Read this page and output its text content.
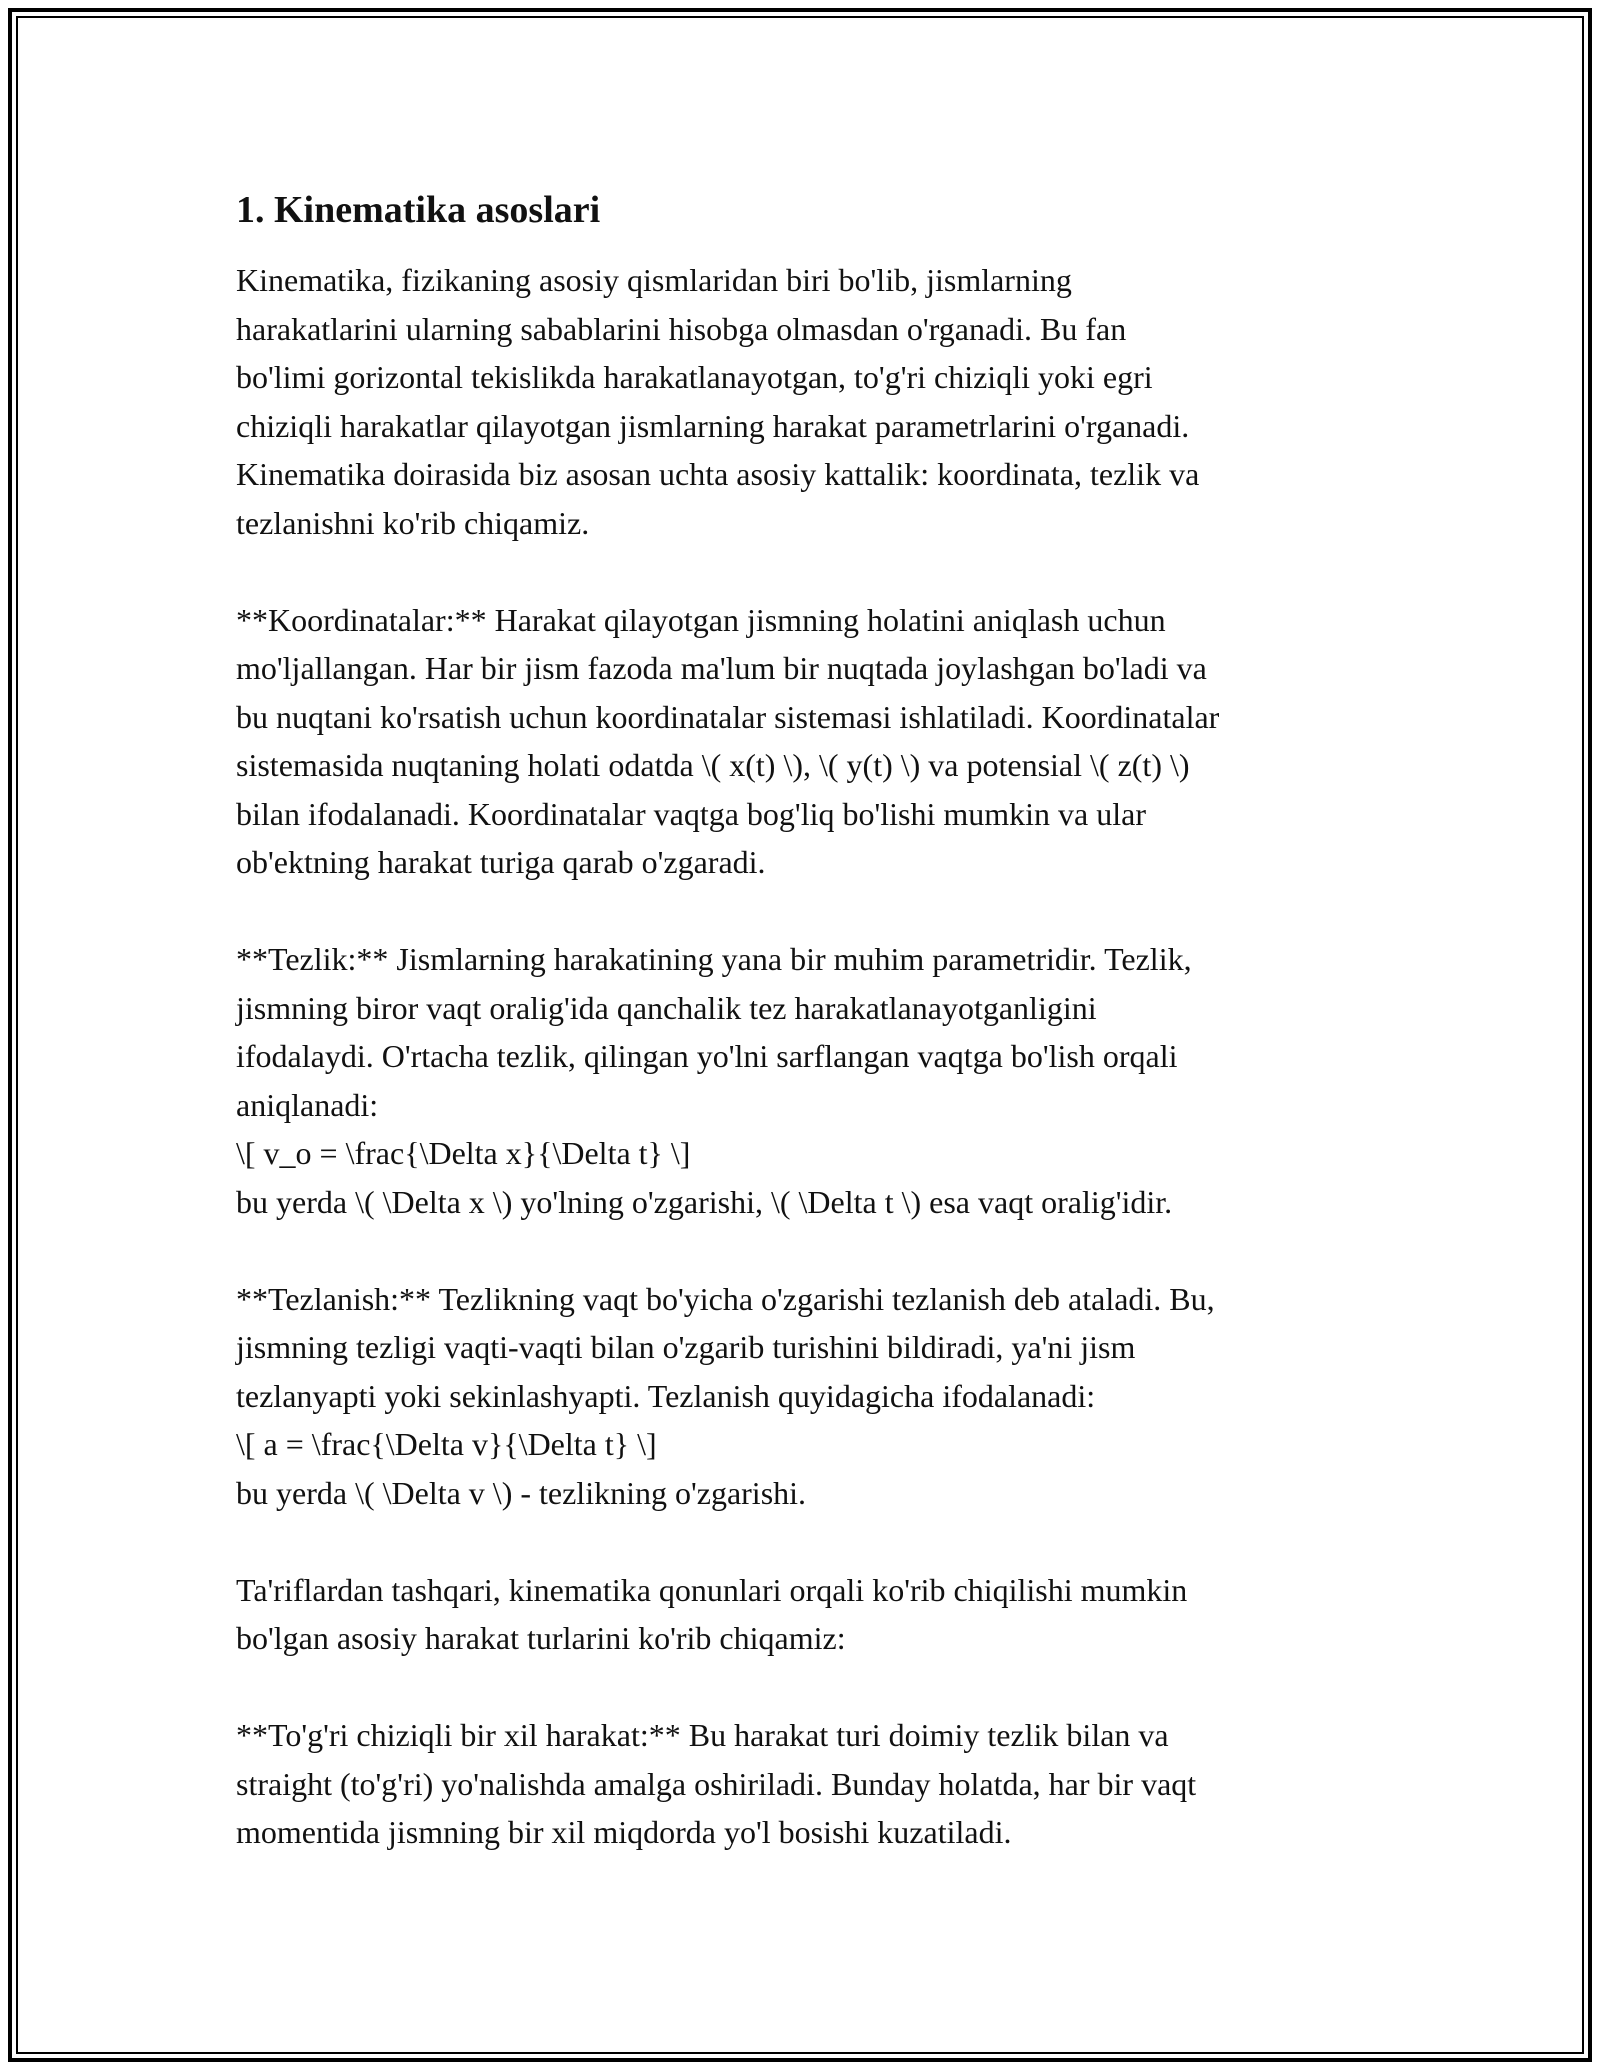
1. Kinematika asoslari

Kinematika, fizikaning asosiy qismlaridan biri bo'lib, jismlarning
harakatlarini ularning sabablarini hisobga olmasdan o'rganadi. Bu fan
bo'limi gorizontal tekislikda harakatlanayotgan, to'g'ri chiziqli yoki egri
chiziqli harakatlar qilayotgan jismlarning harakat parametrlarini o'rganadi.
Kinematika doirasida biz asosan uchta asosiy kattalik: koordinata, tezlik va
tezlanishni ko'rib chiqamiz.

**Koordinatalar:** Harakat qilayotgan jismning holatini aniqlash uchun
mo'ljallangan. Har bir jism fazoda ma'lum bir nuqtada joylashgan bo'ladi va
bu nuqtani ko'rsatish uchun koordinatalar sistemasi ishlatiladi. Koordinatalar
sistemasida nuqtaning holati odatda \( x(t) \), \( y(t) \) va potensial \( z(t) \)
bilan ifodalanadi. Koordinatalar vaqtga bog'liq bo'lishi mumkin va ular
ob'ektning harakat turiga qarab o'zgaradi.

**Tezlik:** Jismlarning harakatining yana bir muhim parametridir. Tezlik,
jismning biror vaqt oralig'ida qanchalik tez harakatlanayotganligini
ifodalaydi. O'rtacha tezlik, qilingan yo'lni sarflangan vaqtga bo'lish orqali
aniqlanadi:
\[ v_o = \frac{\Delta x}{\Delta t} \]
bu yerda \( \Delta x \) yo'lning o'zgarishi, \( \Delta t \) esa vaqt oralig'idir.

**Tezlanish:** Tezlikning vaqt bo'yicha o'zgarishi tezlanish deb ataladi. Bu,
jismning tezligi vaqti-vaqti bilan o'zgarib turishini bildiradi, ya'ni jism
tezlanyapti yoki sekinlashyapti. Tezlanish quyidagicha ifodalanadi:
\[ a = \frac{\Delta v}{\Delta t} \]
bu yerda \( \Delta v \) - tezlikning o'zgarishi.

Ta'riflardan tashqari, kinematika qonunlari orqali ko'rib chiqilishi mumkin
bo'lgan asosiy harakat turlarini ko'rib chiqamiz:

**To'g'ri chiziqli bir xil harakat:** Bu harakat turi doimiy tezlik bilan va
straight (to'g'ri) yo'nalishda amalga oshiriladi. Bunday holatda, har bir vaqt
momentida jismning bir xil miqdorda yo'l bosishi kuzatiladi.
